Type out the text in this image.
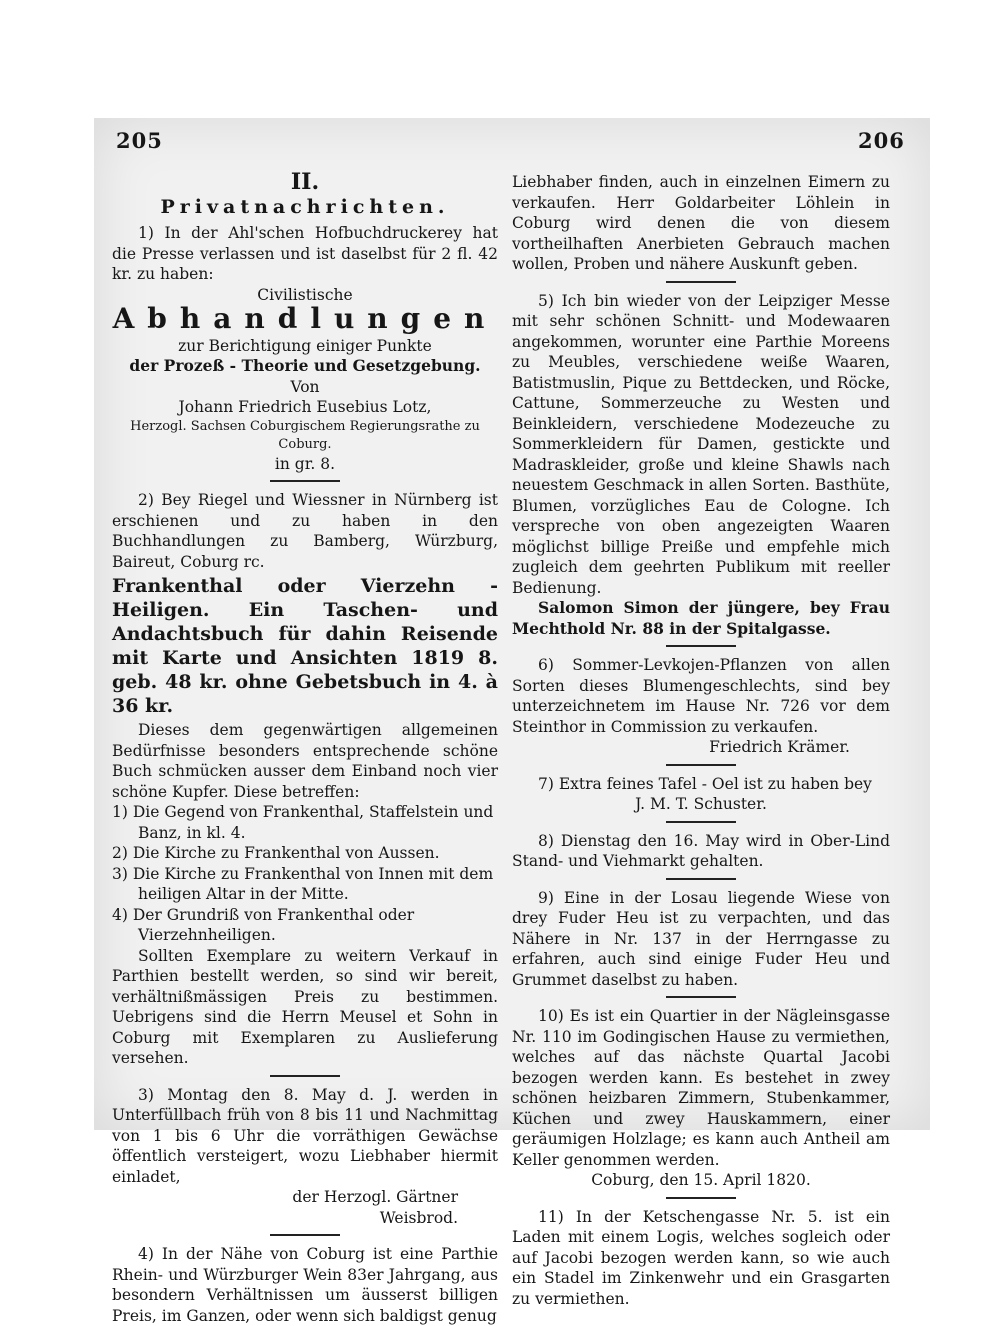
205	206
II.
Privatnachrichten.

1) In der Ahl'schen Hofbuchdruckerey hat die Presse verlassen und ist daselbst für 2 fl. 42 kr. zu haben:

Civilistische
Abhandlungen
zur Berichtigung einiger Punkte
der Prozeß - Theorie und Gesetzgebung.
Von
Johann Friedrich Eusebius Lotz,
Herzogl. Sachsen Coburgischem Regierungsrathe zu Coburg.
in gr. 8.

2) Bey Riegel und Wiessner in Nürnberg ist erschienen und zu haben in den Buchhandlungen zu Bamberg, Würzburg, Baireut, Coburg rc.

Frankenthal oder Vierzehn - Heiligen. Ein Taschen- und Andachtsbuch für dahin Reisende mit Karte und Ansichten 1819 8. geb. 48 kr. ohne Gebetsbuch in 4. à 36 kr.

Dieses dem gegenwärtigen allgemeinen Bedürfnisse besonders entsprechende schöne Buch schmücken ausser dem Einband noch vier schöne Kupfer. Diese betreffen:

1) Die Gegend von Frankenthal, Staffelstein und Banz, in kl. 4.

2) Die Kirche zu Frankenthal von Aussen.

3) Die Kirche zu Frankenthal von Innen mit dem heiligen Altar in der Mitte.

4) Der Grundriß von Frankenthal oder Vierzehnheiligen.

Sollten Exemplare zu weitern Verkauf in Parthien bestellt werden, so sind wir bereit, verhältnißmässigen Preis zu bestimmen. Uebrigens sind die Herrn Meusel et Sohn in Coburg mit Exemplaren zu Auslieferung versehen.

3) Montag den 8. May d. J. werden in Unterfüllbach früh von 8 bis 11 und Nachmittag von 1 bis 6 Uhr die vorräthigen Gewächse öffentlich versteigert, wozu Liebhaber hiermit einladet,

der Herzogl. Gärtner

Weisbrod.

4) In der Nähe von Coburg ist eine Parthie Rhein- und Würzburger Wein 83er Jahrgang, aus besondern Verhältnissen um äusserst billigen Preis, im Ganzen, oder wenn sich baldigst genug

Liebhaber finden, auch in einzelnen Eimern zu verkaufen. Herr Goldarbeiter Löhlein in Coburg wird denen die von diesem vortheilhaften Anerbieten Gebrauch machen wollen, Proben und nähere Auskunft geben.

5) Ich bin wieder von der Leipziger Messe mit sehr schönen Schnitt- und Modewaaren angekommen, worunter eine Parthie Moreens zu Meubles, verschiedene weiße Waaren, Batistmuslin, Pique zu Bettdecken, und Röcke, Cattune, Sommerzeuche zu Westen und Beinkleidern, verschiedene Modezeuche zu Sommerkleidern für Damen, gestickte und Madraskleider, große und kleine Shawls nach neuestem Geschmack in allen Sorten. Basthüte, Blumen, vorzügliches Eau de Cologne. Ich verspreche von oben angezeigten Waaren möglichst billige Preiße und empfehle mich zugleich dem geehrten Publikum mit reeller Bedienung.

Salomon Simon der jüngere, bey Frau Mechthold Nr. 88 in der Spitalgasse.

6) Sommer-Levkojen-Pflanzen von allen Sorten dieses Blumengeschlechts, sind bey unterzeichnetem im Hause Nr. 726 vor dem Steinthor in Commission zu verkaufen.

Friedrich Krämer.

7) Extra feines Tafel - Oel ist zu haben bey

J. M. T. Schuster.

8) Dienstag den 16. May wird in Ober-Lind Stand- und Viehmarkt gehalten.

9) Eine in der Losau liegende Wiese von drey Fuder Heu ist zu verpachten, und das Nähere in Nr. 137 in der Herrngasse zu erfahren, auch sind einige Fuder Heu und Grummet daselbst zu haben.

10) Es ist ein Quartier in der Nägleinsgasse Nr. 110 im Godingischen Hause zu vermiethen, welches auf das nächste Quartal Jacobi bezogen werden kann. Es bestehet in zwey schönen heizbaren Zimmern, Stubenkammer, Küchen und zwey Hauskammern, einer geräumigen Holzlage; es kann auch Antheil am Keller genommen werden.

Coburg, den 15. April 1820.

11) In der Ketschengasse Nr. 5. ist ein Laden mit einem Logis, welches sogleich oder auf Jacobi bezogen werden kann, so wie auch ein Stadel im Zinkenwehr und ein Grasgarten zu vermiethen.
